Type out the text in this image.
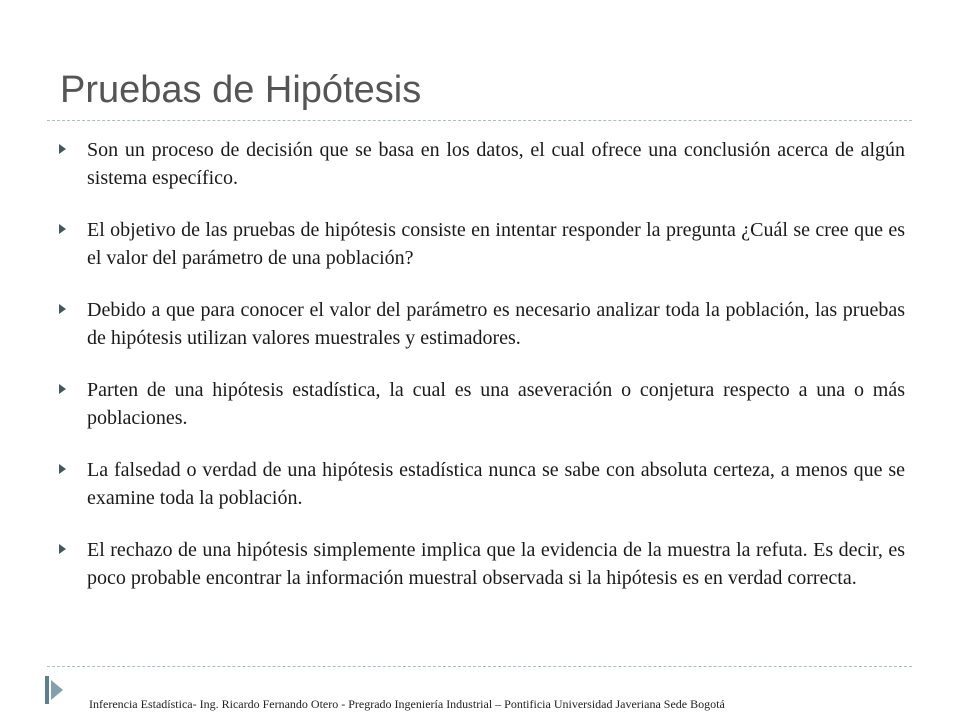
Pruebas de Hipótesis
Son un proceso de decisión que se basa en los datos, el cual ofrece una conclusión acerca de algún sistema específico.
El objetivo de las pruebas de hipótesis consiste en intentar responder la pregunta ¿Cuál se cree que es el valor del parámetro de una población?
Debido a que para conocer el valor del parámetro es necesario analizar toda la población, las pruebas de hipótesis utilizan valores muestrales y estimadores.
Parten de una hipótesis estadística, la cual es una aseveración o conjetura respecto a una o más poblaciones.
La falsedad o verdad de una hipótesis estadística nunca se sabe con absoluta certeza, a menos que se examine toda la población.
El rechazo de una hipótesis simplemente implica que la evidencia de la muestra la refuta. Es decir, es poco probable encontrar la información muestral observada si la hipótesis es en verdad correcta.
Inferencia Estadística- Ing. Ricardo Fernando Otero - Pregrado Ingeniería Industrial – Pontificia Universidad Javeriana Sede Bogotá
